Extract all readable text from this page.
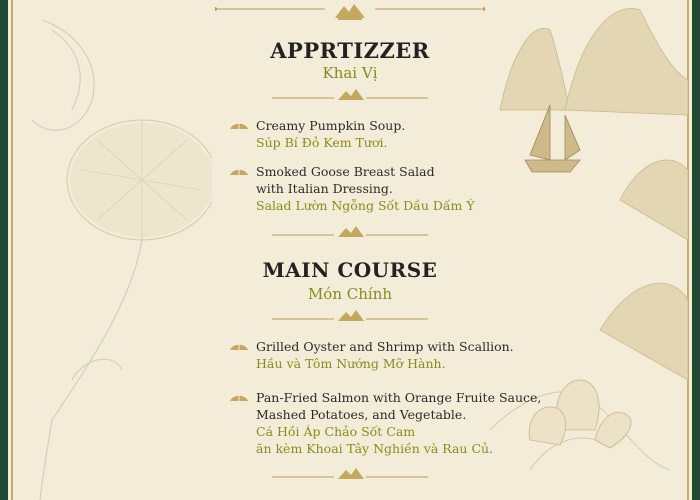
APPRTIZZER
Khai Vị
Creamy Pumpkin Soup.
Súp Bí Đỏ Kem Tươi.
Smoked Goose Breast Salad
with Italian Dressing.
Salad Lườn Ngỗng Sốt Dầu Dấm Ý
MAIN COURSE
Món Chính
Grilled Oyster and Shrimp with Scallion.
Hầu và Tôm Nướng Mỡ Hành.
Pan-Fried Salmon with Orange Fruite Sauce,
Mashed Potatoes, and Vegetable.
Cá Hồi Áp Chảo Sốt Cam
ăn kèm Khoai Tây Nghiền và Rau Củ.
